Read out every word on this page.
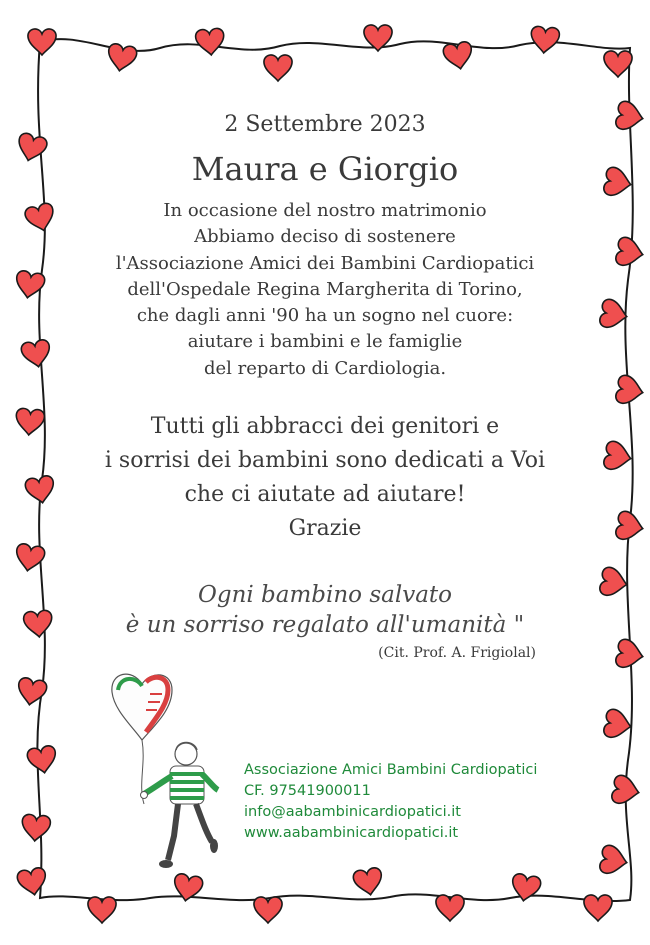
2 Settembre 2023
Maura e Giorgio
In occasione del nostro matrimonio
Abbiamo deciso di sostenere
l'Associazione Amici dei Bambini Cardiopatici
dell'Ospedale Regina Margherita di Torino,
che dagli anni '90 ha un sogno nel cuore:
aiutare i bambini e le famiglie
del reparto di Cardiologia.
Tutti gli abbracci dei genitori e
i sorrisi dei bambini sono dedicati a Voi
che ci aiutate ad aiutare!
Grazie
Ogni bambino salvato
è un sorriso regalato all'umanità "
(Cit. Prof. A. Frigiolal)
Associazione Amici Bambini Cardiopatici
CF. 97541900011
info@aabambinicardiopatici.it
www.aabambinicardiopatici.it
